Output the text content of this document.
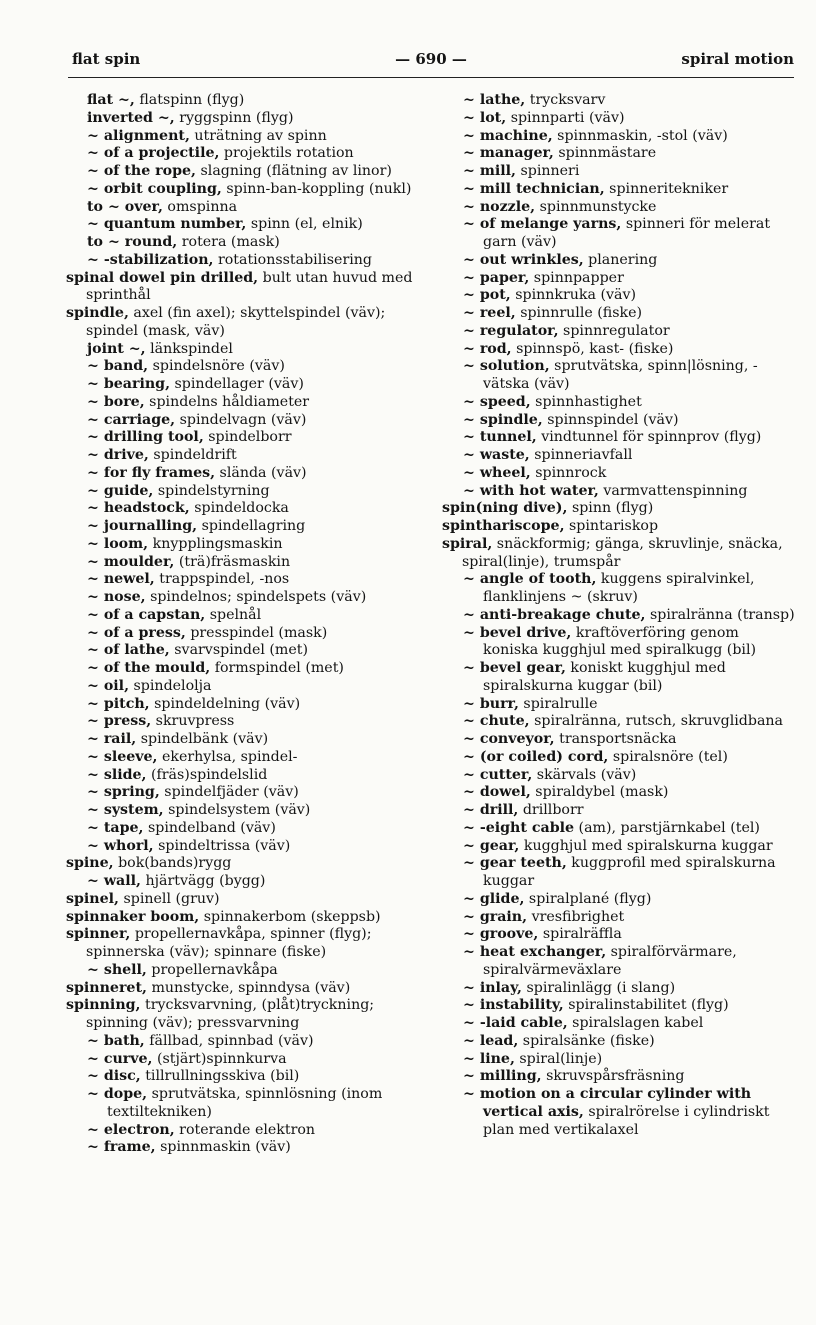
flat spin	— 690 —	spiral motion
flat ~, flatspinn (flyg)
inverted ~, ryggspinn (flyg)
~ alignment, uträtning av spinn
~ of a projectile, projektils rotation
~ of the rope, slagning (flätning av linor)
~ orbit coupling, spinn-ban-koppling (nukl)
to ~ over, omspinna
~ quantum number, spinn (el, elnik)
to ~ round, rotera (mask)
~ -stabilization, rotationsstabilisering
spinal dowel pin drilled, bult utan huvud med sprinthål
spindle, axel (fin axel); skyttelspindel (väv); spindel (mask, väv)
joint ~, länkspindel
~ band, spindelsnöre (väv)
~ bearing, spindellager (väv)
~ bore, spindelns håldiameter
~ carriage, spindelvagn (väv)
~ drilling tool, spindelborr
~ drive, spindeldrift
~ for fly frames, slända (väv)
~ guide, spindelstyrning
~ headstock, spindeldocka
~ journalling, spindellagring
~ loom, knypplingsmaskin
~ moulder, (trä)fräsmaskin
~ newel, trappspindel, -nos
~ nose, spindelnos; spindelspets (väv)
~ of a capstan, spelnål
~ of a press, presspindel (mask)
~ of lathe, svarvspindel (met)
~ of the mould, formspindel (met)
~ oil, spindelolja
~ pitch, spindeldelning (väv)
~ press, skruvpress
~ rail, spindelbänk (väv)
~ sleeve, ekerhylsa, spindel-
~ slide, (fräs)spindelslid
~ spring, spindelfjäder (väv)
~ system, spindelsystem (väv)
~ tape, spindelband (väv)
~ whorl, spindeltrissa (väv)
spine, bok(bands)rygg
~ wall, hjärtvägg (bygg)
spinel, spinell (gruv)
spinnaker boom, spinnakerbom (skeppsb)
spinner, propellernavkåpa, spinner (flyg); spinnerska (väv); spinnare (fiske)
~ shell, propellernavkåpa
spinneret, munstycke, spinndysa (väv)
spinning, trycksvarvning, (plåt)tryckning; spinning (väv); pressvarvning
~ bath, fällbad, spinnbad (väv)
~ curve, (stjärt)spinnkurva
~ disc, tillrullningsskiva (bil)
~ dope, sprutvätska, spinnlösning (inom textiltekniken)
~ electron, roterande elektron
~ frame, spinnmaskin (väv)
~ lathe, trycksvarv
~ lot, spinnparti (väv)
~ machine, spinnmaskin, -stol (väv)
~ manager, spinnmästare
~ mill, spinneri
~ mill technician, spinneritekniker
~ nozzle, spinnmunstycke
~ of melange yarns, spinneri för melerat garn (väv)
~ out wrinkles, planering
~ paper, spinnpapper
~ pot, spinnkruka (väv)
~ reel, spinnrulle (fiske)
~ regulator, spinnregulator
~ rod, spinnspö, kast- (fiske)
~ solution, sprutvätska, spinn|lösning, -vätska (väv)
~ speed, spinnhastighet
~ spindle, spinnspindel (väv)
~ tunnel, vindtunnel för spinnprov (flyg)
~ waste, spinneriavfall
~ wheel, spinnrock
~ with hot water, varmvattenspinning
spin(ning dive), spinn (flyg)
spinthariscope, spintariskop
spiral, snäckformig; gänga, skruvlinje, snäcka, spiral(linje), trumspår
~ angle of tooth, kuggens spiralvinkel, flanklinjens ~ (skruv)
~ anti-breakage chute, spiralränna (transp)
~ bevel drive, kraftöverföring genom koniska kugghjul med spiralkugg (bil)
~ bevel gear, koniskt kugghjul med spiralskurna kuggar (bil)
~ burr, spiralrulle
~ chute, spiralränna, rutsch, skruvglidbana
~ conveyor, transportsnäcka
~ (or coiled) cord, spiralsnöre (tel)
~ cutter, skärvals (väv)
~ dowel, spiraldybel (mask)
~ drill, drillborr
~ -eight cable (am), parstjärnkabel (tel)
~ gear, kugghjul med spiralskurna kuggar
~ gear teeth, kuggprofil med spiralskurna kuggar
~ glide, spiralplané (flyg)
~ grain, vresfibrighet
~ groove, spiralräffla
~ heat exchanger, spiralförvärmare, spiralvärmeväxlare
~ inlay, spiralinlägg (i slang)
~ instability, spiralinstabilitet (flyg)
~ -laid cable, spiralslagen kabel
~ lead, spiralsänke (fiske)
~ line, spiral(linje)
~ milling, skruvspårsfräsning
~ motion on a circular cylinder with vertical axis, spiralrörelse i cylindriskt plan med vertikalaxel
